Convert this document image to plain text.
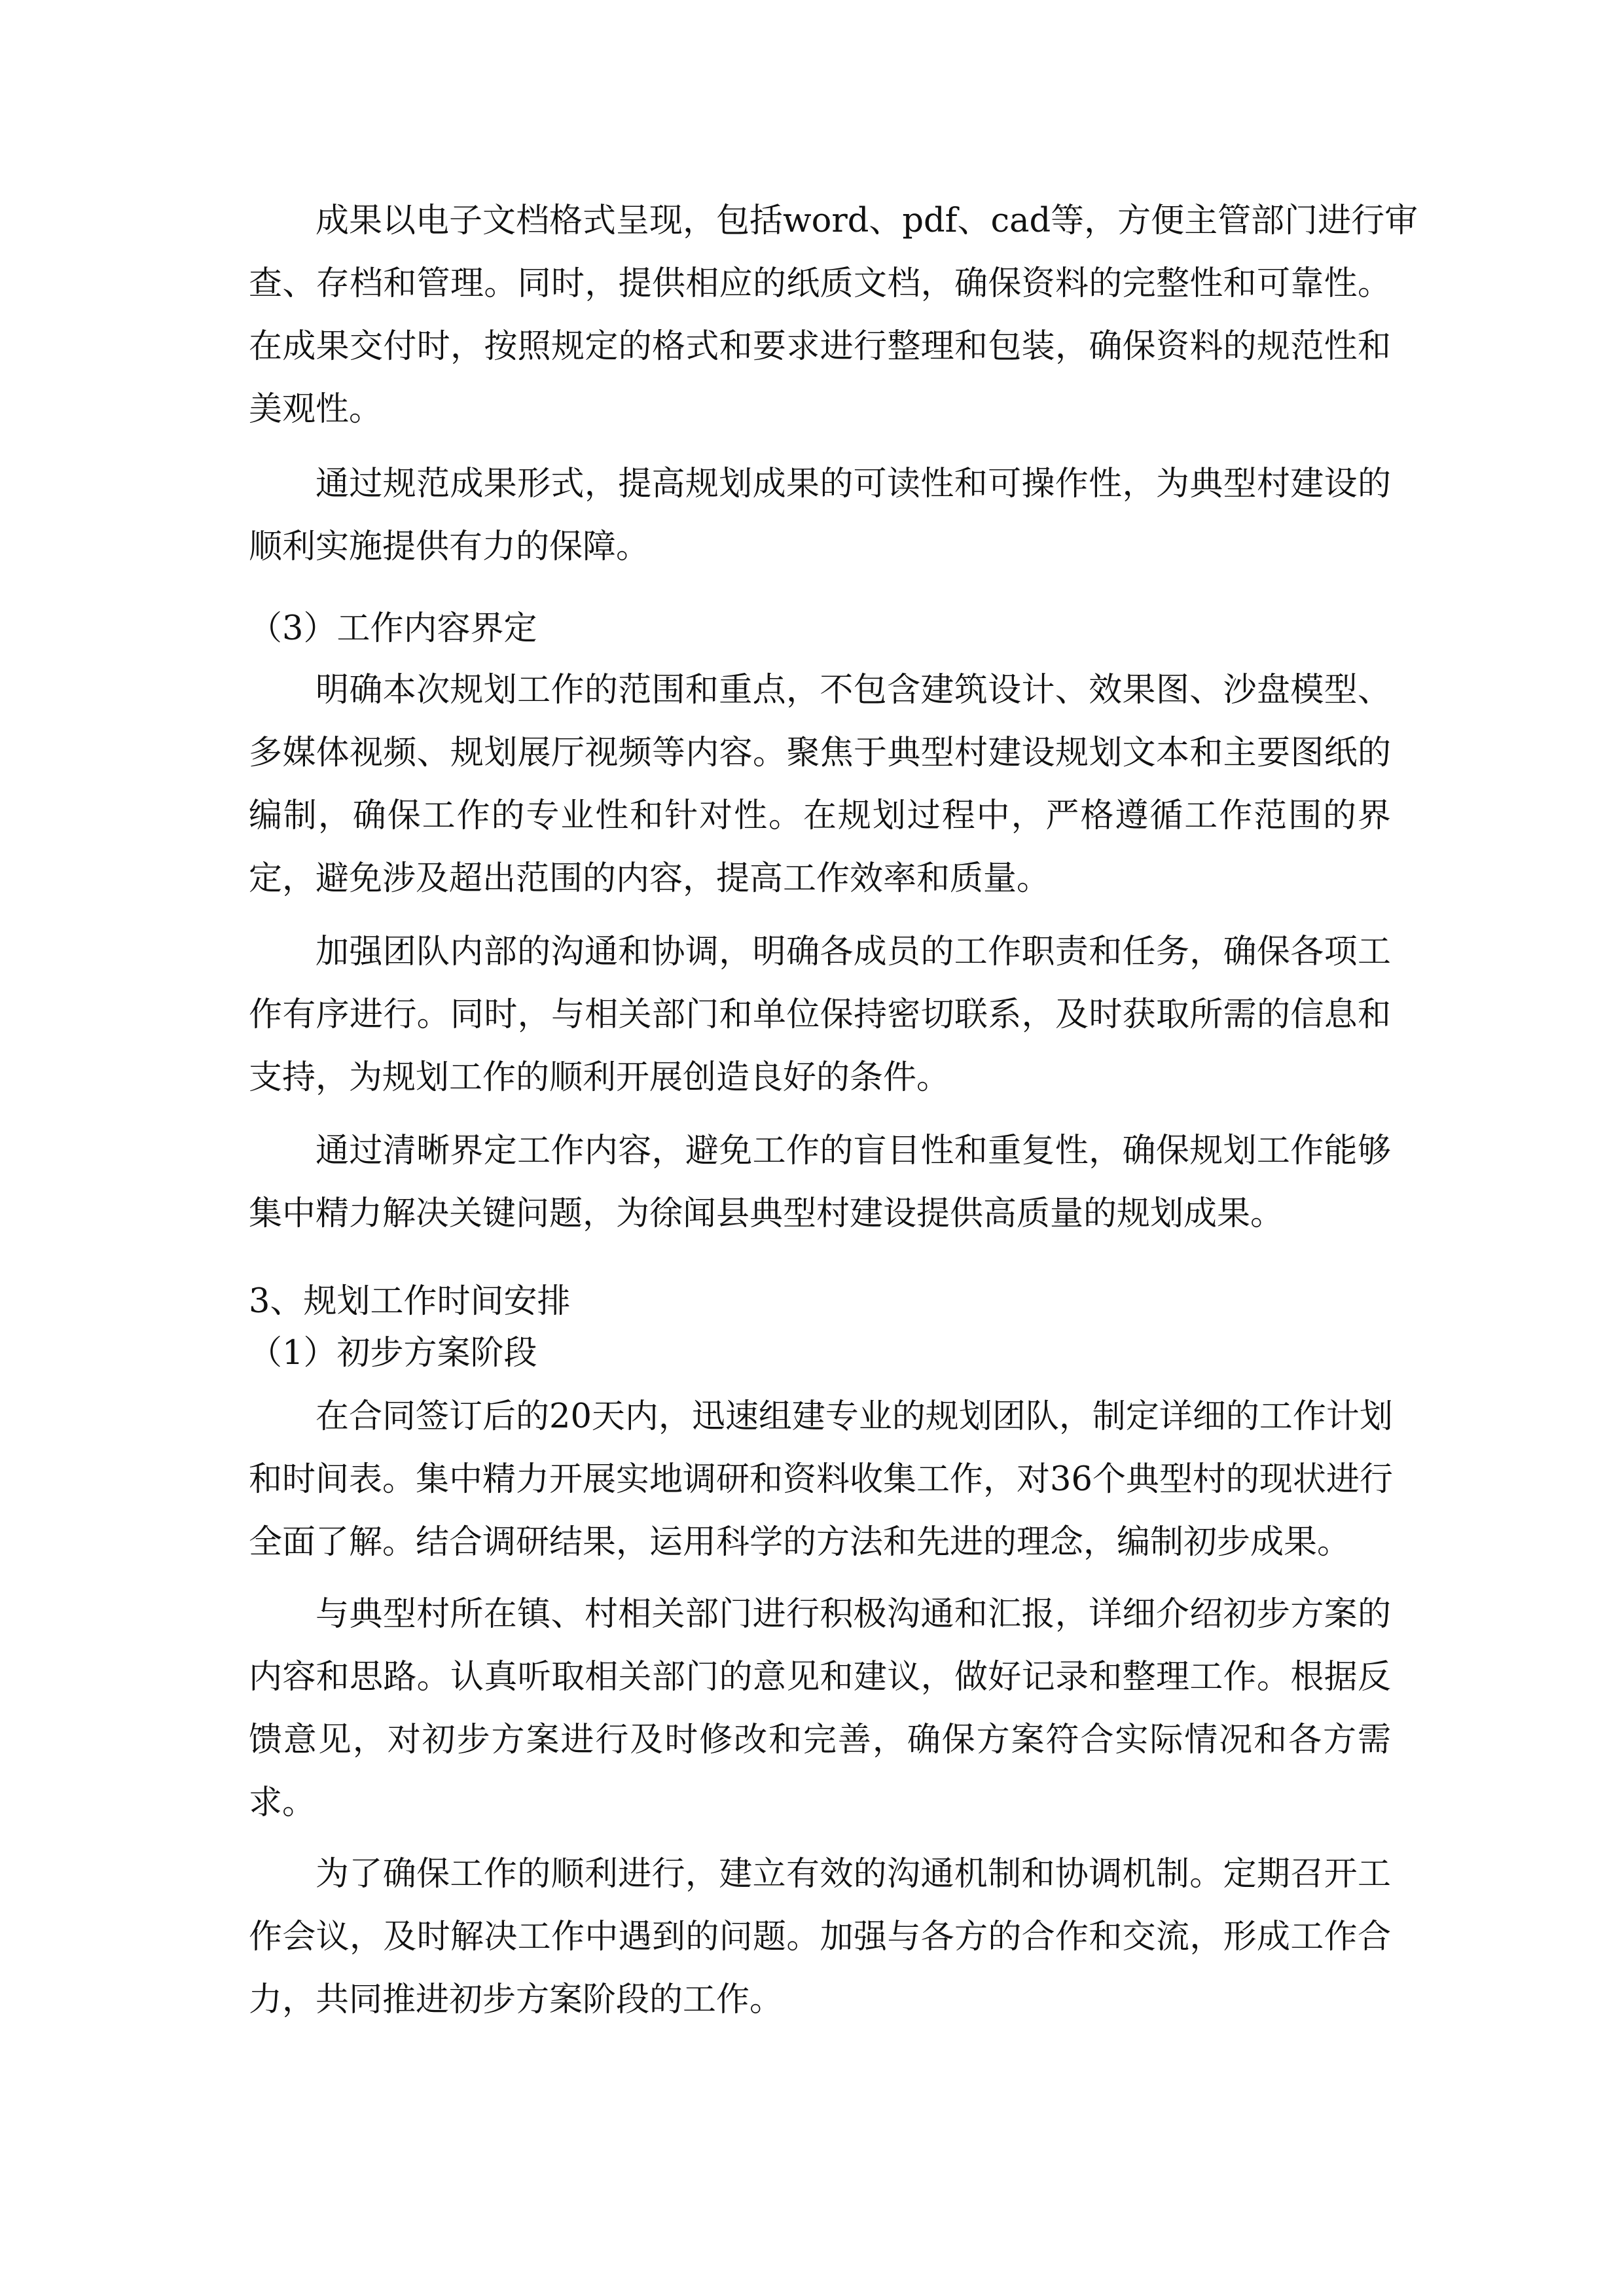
成果以电子文档格式呈现，包括word、pdf、cad等，方便主管部门进行审
查、存档和管理。同时，提供相应的纸质文档，确保资料的完整性和可靠性。
在成果交付时，按照规定的格式和要求进行整理和包装，确保资料的规范性和
美观性。
通过规范成果形式，提高规划成果的可读性和可操作性，为典型村建设的
顺利实施提供有力的保障。
（3）工作内容界定
明确本次规划工作的范围和重点，不包含建筑设计、效果图、沙盘模型、
多媒体视频、规划展厅视频等内容。聚焦于典型村建设规划文本和主要图纸的
编制，确保工作的专业性和针对性。在规划过程中，严格遵循工作范围的界
定，避免涉及超出范围的内容，提高工作效率和质量。
加强团队内部的沟通和协调，明确各成员的工作职责和任务，确保各项工
作有序进行。同时，与相关部门和单位保持密切联系，及时获取所需的信息和
支持，为规划工作的顺利开展创造良好的条件。
通过清晰界定工作内容，避免工作的盲目性和重复性，确保规划工作能够
集中精力解决关键问题，为徐闻县典型村建设提供高质量的规划成果。
3、规划工作时间安排
（1）初步方案阶段
在合同签订后的20天内，迅速组建专业的规划团队，制定详细的工作计划
和时间表。集中精力开展实地调研和资料收集工作，对36个典型村的现状进行
全面了解。结合调研结果，运用科学的方法和先进的理念，编制初步成果。
与典型村所在镇、村相关部门进行积极沟通和汇报，详细介绍初步方案的
内容和思路。认真听取相关部门的意见和建议，做好记录和整理工作。根据反
馈意见，对初步方案进行及时修改和完善，确保方案符合实际情况和各方需
求。
为了确保工作的顺利进行，建立有效的沟通机制和协调机制。定期召开工
作会议，及时解决工作中遇到的问题。加强与各方的合作和交流，形成工作合
力，共同推进初步方案阶段的工作。
